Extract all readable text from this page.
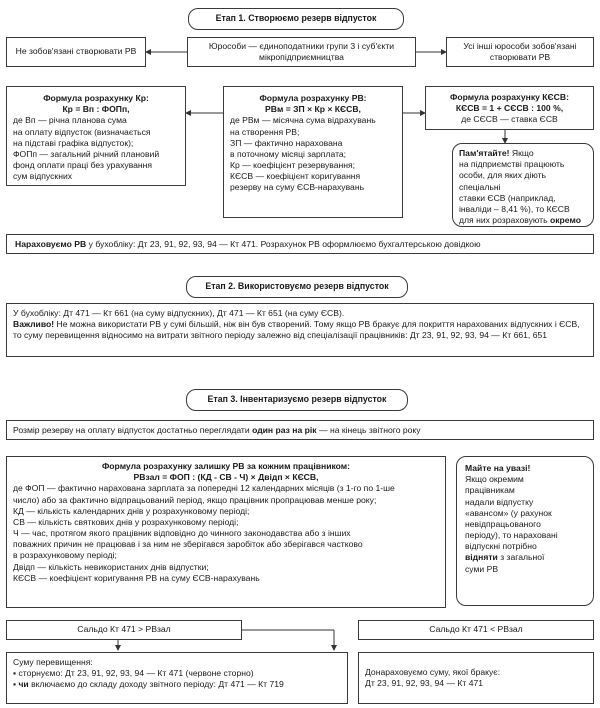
Етап 1. Створюємо резерв відпусток
Не зобов'язані створювати РВ
Юрособи — єдиноподатники групи 3 і суб'єкти мікропідприємництва
Усі інші юрособи зобов'язані створювати РВ
Формула розрахунку Кр:
Кр = Вп : ФОПп,
де Вп — річна планова сума
на оплату відпусток (визначається
на підставі графіка відпусток);
ФОПп — загальний річний плановий
фонд оплати праці без урахування
сум відпускних
Формула розрахунку РВ:
РВм = ЗП × Кр × КЄСВ,
де РВм — місячна сума відрахувань
на створення РВ;
ЗП — фактично нарахована
в поточному місяці зарплата;
Кр — коефіцієнт резервування;
КЄСВ — коефіцієнт коригування
резерву на суму ЄСВ-нарахувань
Формула розрахунку КЄСВ:
КЄСВ = 1 + СЄСВ : 100 %,
де СЄСВ — ставка ЄСВ
Пам'ятайте! Якщо
на підприємстві працюють
особи, для яких діють спеціальні
ставки ЄСВ (наприклад,
інваліди – 8,41 %), то КЄСВ
для них розраховують окремо
Нараховуємо РВ у бухобліку: Дт 23, 91, 92, 93, 94 — Кт 471. Розрахунок РВ оформлюємо бухгалтерською довідкою
Етап 2. Використовуємо резерв відпусток
У бухобліку: Дт 471 — Кт 661 (на суму відпускних), Дт 471 — Кт 651 (на суму ЄСВ).
Важливо! Не можна використати РВ у сумі більшій, ніж він був створений. Тому якщо РВ бракує для покриття нарахованих відпускних і ЄСВ, то суму перевищення відносимо на витрати звітного періоду залежно від спеціалізації працівників: Дт 23, 91, 92, 93, 94 — Кт 661, 651
Етап 3. Інвентаризуємо резерв відпусток
Розмір резерву на оплату відпусток достатньо переглядати один раз на рік — на кінець звітного року
Формула розрахунку залишку РВ за кожним працівником:
РВзал = ФОП : (КД - СВ - Ч) × Двідп × КЄСВ,
де ФОП — фактично нарахована зарплата за попередні 12 календарних місяців (з 1-го по 1-ше
число) або за фактично відпрацьований період, якщо працівник пропрацював менше року;
КД — кількість календарних днів у розрахунковому періоді;
СВ — кількість святкових днів у розрахунковому періоді;
Ч — час, протягом якого працівник відповідно до чинного законодавства або з інших
поважних причин не працював і за ним не зберігався заробіток або зберігався частково
в розрахунковому періоді;
Двідп — кількість невикористаних днів відпустки;
КЄСВ — коефіцієнт коригування РВ на суму ЄСВ-нарахувань
Майте на увазі!
Якщо окремим
працівникам
надали відпустку
«авансом» (у рахунок
невідпрацьованого
періоду), то нараховані
відпускні потрібно
відняти з загальної
суми РВ
Сальдо Кт 471 > РВзал	Сальдо Кт 471 < РВзал
Суму перевищення:
▪ сторнуємо: Дт 23, 91, 92, 93, 94 — Кт 471 (червоне сторно)
▪ чи включаємо до складу доходу звітного періоду: Дт 471 — Кт 719
Донараховуємо суму, якої бракує:
Дт 23, 91, 92, 93, 94 — Кт 471
